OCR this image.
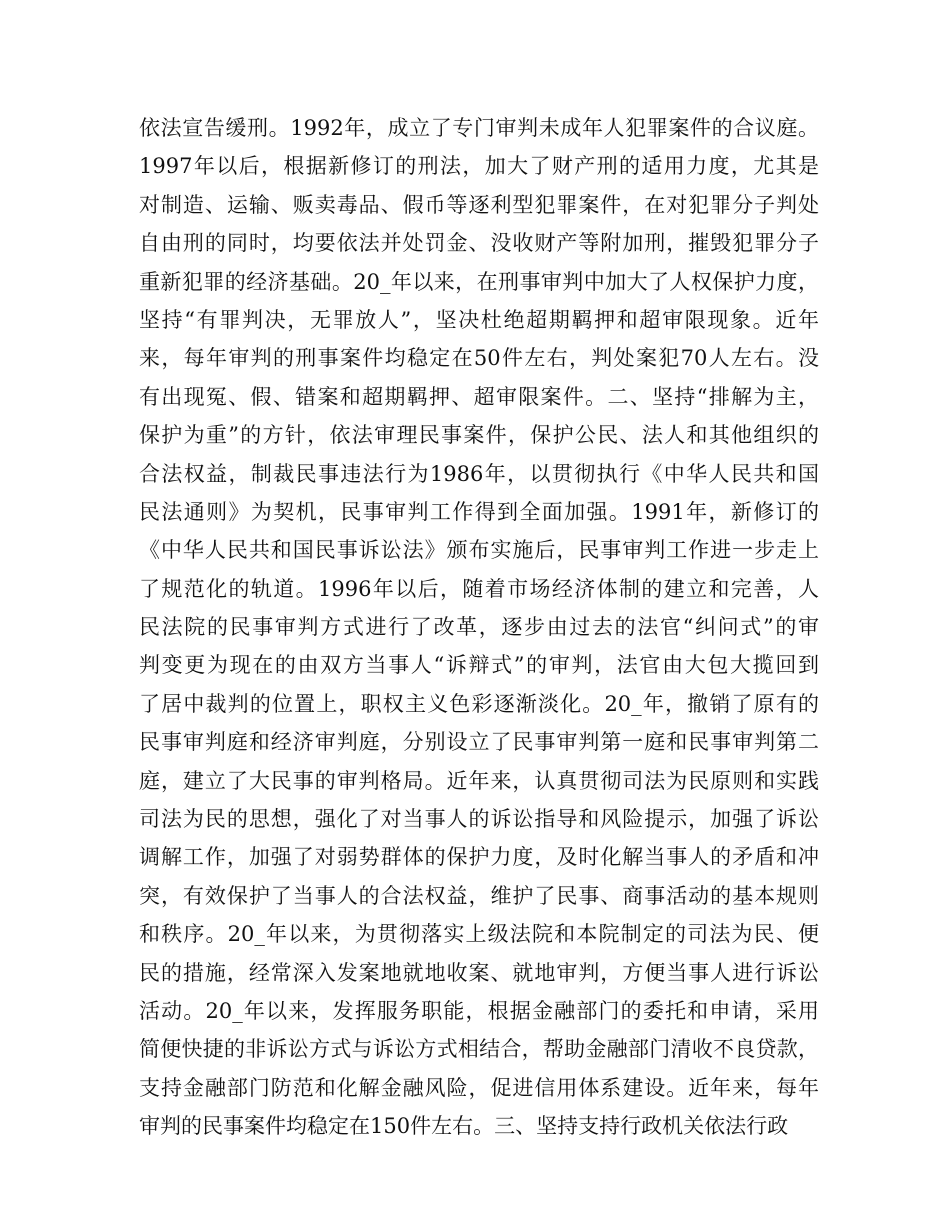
依法宣告缓刑。1992年，成立了专门审判未成年人犯罪案件的合议庭。
1997年以后，根据新修订的刑法，加大了财产刑的适用力度，尤其是
对制造、运输、贩卖毒品、假币等逐利型犯罪案件，在对犯罪分子判处
自由刑的同时，均要依法并处罚金、没收财产等附加刑，摧毁犯罪分子
重新犯罪的经济基础。20_年以来，在刑事审判中加大了人权保护力度，
坚持“有罪判决，无罪放人”，坚决杜绝超期羁押和超审限现象。近年
来，每年审判的刑事案件均稳定在50件左右，判处案犯70人左右。没
有出现冤、假、错案和超期羁押、超审限案件。二、坚持“排解为主，
保护为重”的方针，依法审理民事案件，保护公民、法人和其他组织的
合法权益，制裁民事违法行为1986年，以贯彻执行《中华人民共和国
民法通则》为契机，民事审判工作得到全面加强。1991年，新修订的
《中华人民共和国民事诉讼法》颁布实施后，民事审判工作进一步走上
了规范化的轨道。1996年以后，随着市场经济体制的建立和完善，人
民法院的民事审判方式进行了改革，逐步由过去的法官“纠问式”的审
判变更为现在的由双方当事人“诉辩式”的审判，法官由大包大揽回到
了居中裁判的位置上，职权主义色彩逐渐淡化。20_年，撤销了原有的
民事审判庭和经济审判庭，分别设立了民事审判第一庭和民事审判第二
庭，建立了大民事的审判格局。近年来，认真贯彻司法为民原则和实践
司法为民的思想，强化了对当事人的诉讼指导和风险提示，加强了诉讼
调解工作，加强了对弱势群体的保护力度，及时化解当事人的矛盾和冲
突，有效保护了当事人的合法权益，维护了民事、商事活动的基本规则
和秩序。20_年以来，为贯彻落实上级法院和本院制定的司法为民、便
民的措施，经常深入发案地就地收案、就地审判，方便当事人进行诉讼
活动。20_年以来，发挥服务职能，根据金融部门的委托和申请，采用
简便快捷的非诉讼方式与诉讼方式相结合，帮助金融部门清收不良贷款，
支持金融部门防范和化解金融风险，促进信用体系建设。近年来，每年
审判的民事案件均稳定在150件左右。三、坚持支持行政机关依法行政
